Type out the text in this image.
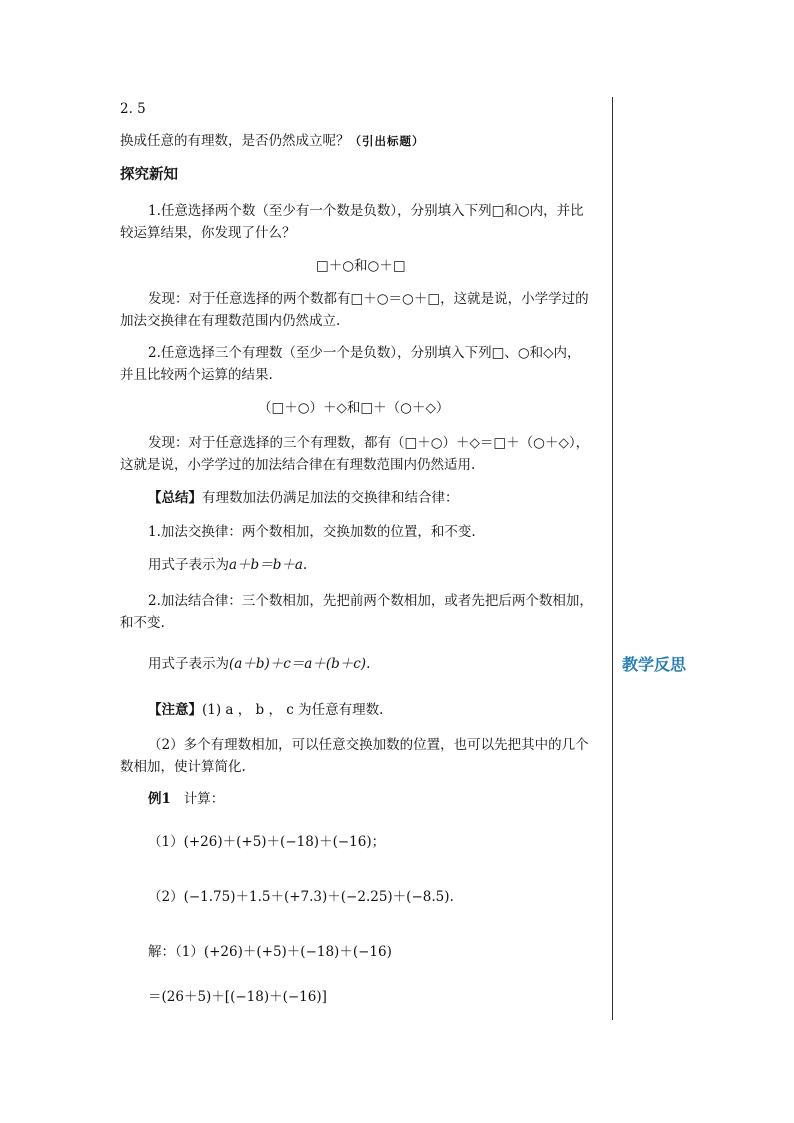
2. 5
换成任意的有理数，是否仍然成立呢？（引出标题）
探究新知
1.任意选择两个数（至少有一个数是负数），分别填入下列□和○内，并比
较运算结果，你发现了什么？
□＋○和○＋□
发现：对于任意选择的两个数都有□＋○＝○＋□，这就是说，小学学过的
加法交换律在有理数范围内仍然成立.
2.任意选择三个有理数（至少一个是负数），分别填入下列□、○和◇内，
并且比较两个运算的结果.
（□＋○）＋◇和□＋（○＋◇）
发现：对于任意选择的三个有理数，都有（□＋○）＋◇＝□＋（○＋◇），
这就是说，小学学过的加法结合律在有理数范围内仍然适用.
【总结】有理数加法仍满足加法的交换律和结合律：
1.加法交换律：两个数相加，交换加数的位置，和不变.
用式子表示为a＋b＝b＋a.
2.加法结合律：三个数相加，先把前两个数相加，或者先把后两个数相加，
和不变.
用式子表示为(a＋b)＋c＝a＋(b＋c).
【注意】(1) a ， b ， c 为任意有理数.
（2）多个有理数相加，可以任意交换加数的位置，也可以先把其中的几个
数相加，使计算简化.
例1 计算：
（1）(+26)＋(+5)＋(−18)＋(−16)；
（2）(−1.75)＋1.5＋(+7.3)＋(−2.25)＋(−8.5).
解：（1）(+26)＋(+5)＋(−18)＋(−16)
＝(26＋5)＋[(−18)＋(−16)]
教学反思
